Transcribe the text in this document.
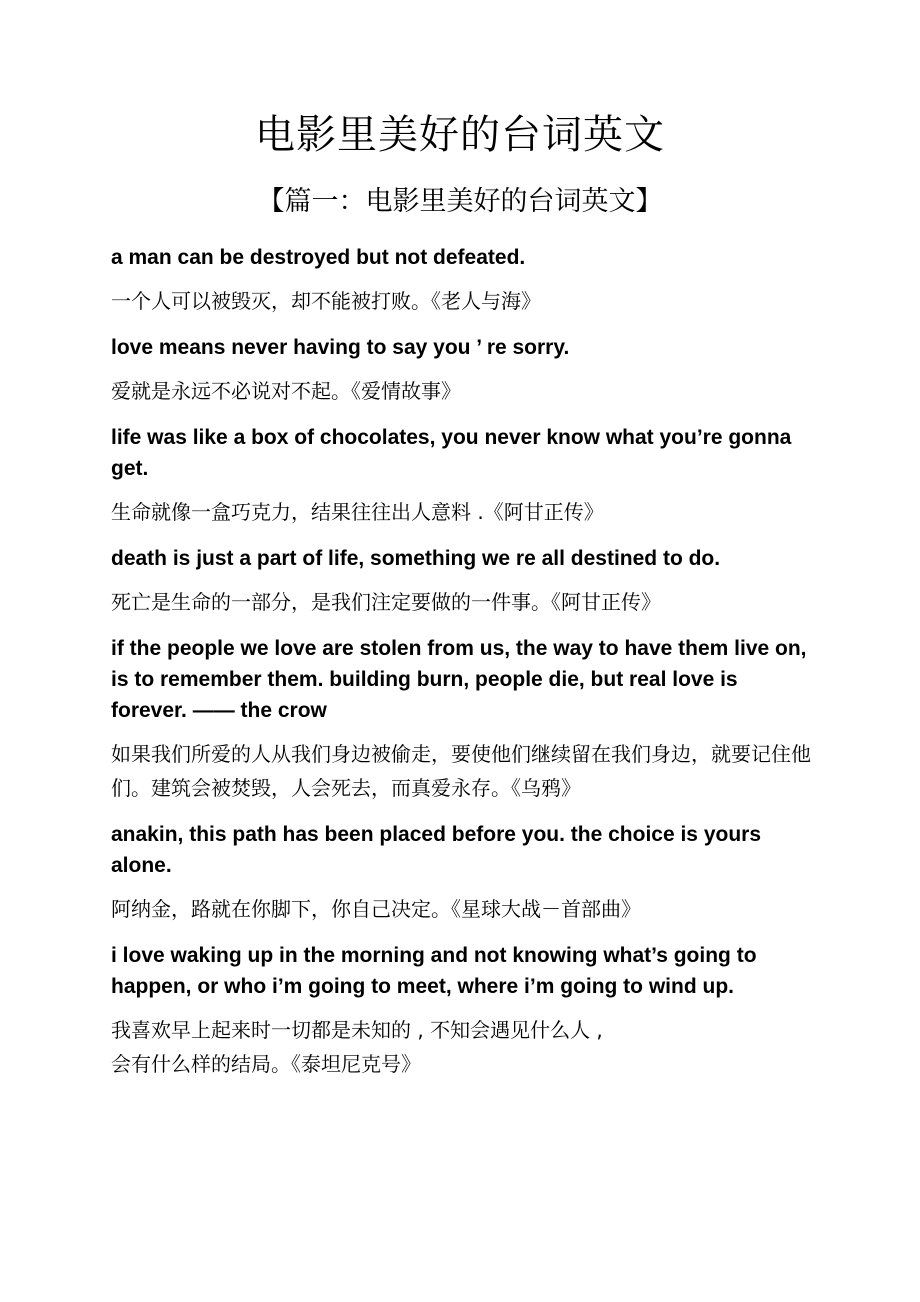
电影里美好的台词英文
【篇一：电影里美好的台词英文】

a man can be destroyed but not defeated.

一个人可以被毁灭，却不能被打败。《老人与海》

love means never having to say you ’ re sorry.

爱就是永远不必说对不起。《爱情故事》

life was like a box of chocolates, you never know what you’re gonna get.

生命就像一盒巧克力，结果往往出人意料 .《阿甘正传》

death is just a part of life, something we re all destined to do.

死亡是生命的一部分，是我们注定要做的一件事。《阿甘正传》

if the people we love are stolen from us, the way to have them live on, is to remember them. building burn, people die, but real love is forever. —— the crow

如果我们所爱的人从我们身边被偷走，要使他们继续留在我们身边，就要记住他们。建筑会被焚毁，人会死去，而真爱永存。《乌鸦》

anakin, this path has been placed before you. the choice is yours alone.

阿纳金，路就在你脚下，你自己决定。《星球大战－首部曲》

i love waking up in the morning and not knowing what’s going to happen, or who i’m going to meet, where i’m going to wind up.

我喜欢早上起来时一切都是未知的 , 不知会遇见什么人 ,
会有什么样的结局。《泰坦尼克号》
